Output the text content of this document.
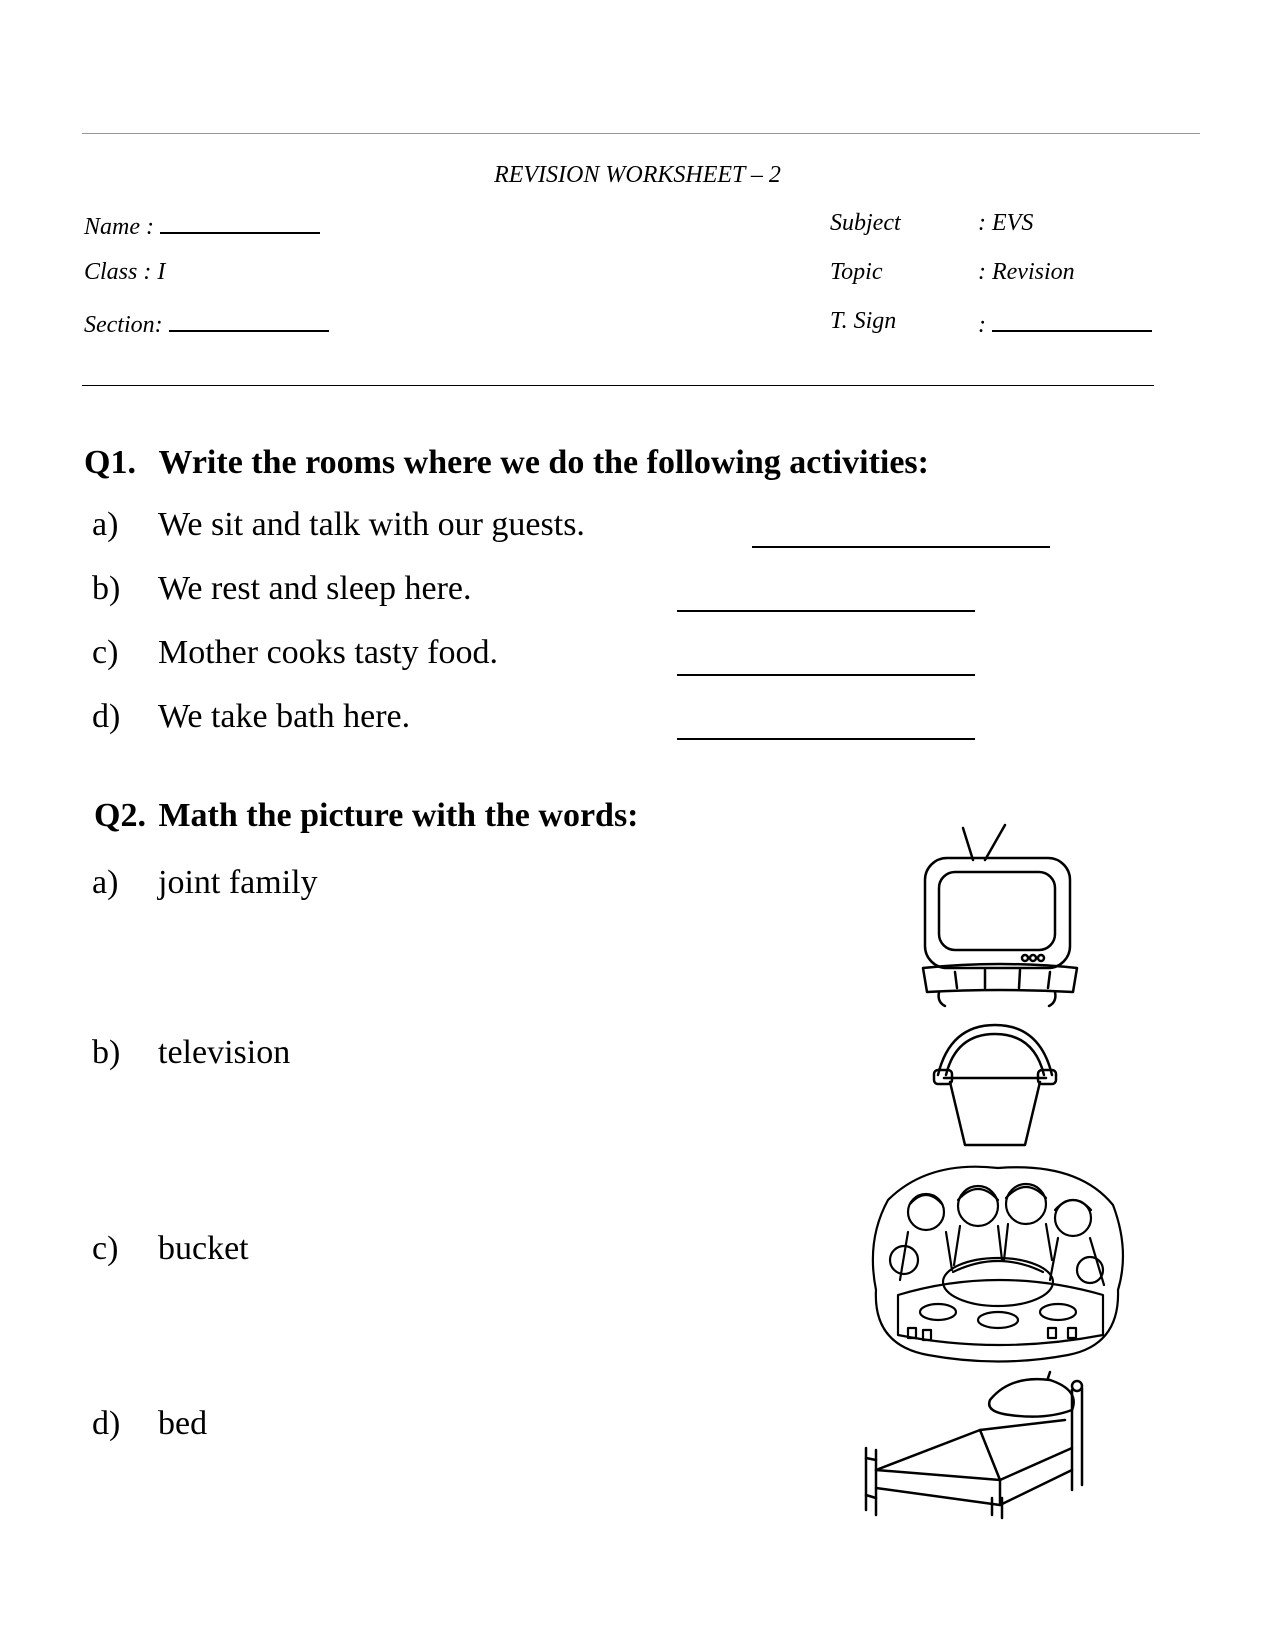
REVISION WORKSHEET – 2
Name :
Class : I
Section:
Subject	: EVS
Topic	: Revision
T. Sign	:
Q1. Write the rooms where we do the following activities:
a) We sit and talk with our guests.
b) We rest and sleep here.
c) Mother cooks tasty food.
d) We take bath here.
Q2. Math the picture with the words:
a) joint family
b) television
c) bucket
d) bed
